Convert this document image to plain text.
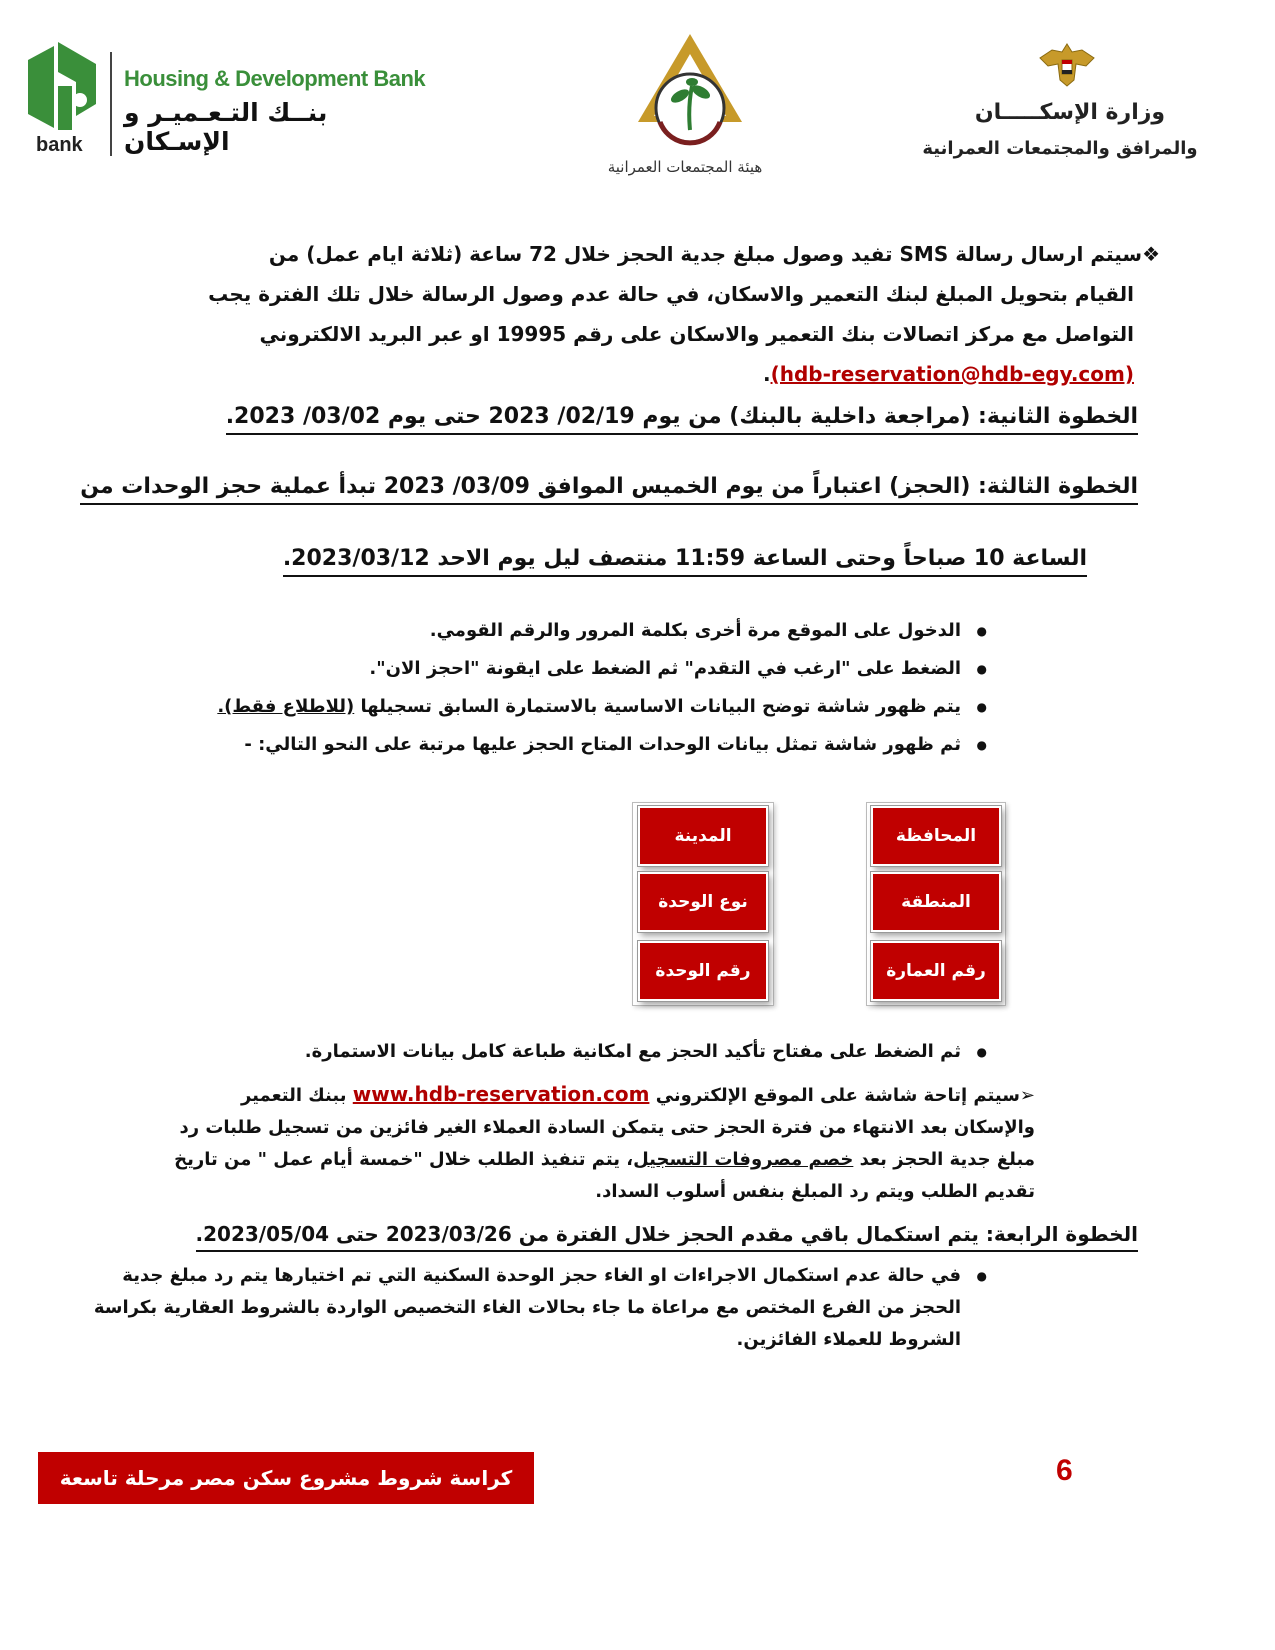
bank
Housing & Development Bank
بنــك التـعـميـر و الإسـكان
هيئة المجتمعات العمرانية
وزارة الإسكـــــان
والمرافق والمجتمعات العمرانية
❖سيتم ارسال رسالة SMS تفيد وصول مبلغ جدية الحجز خلال 72 ساعة (ثلاثة ايام عمل) من
القيام بتحويل المبلغ لبنك التعمير والاسكان، في حالة عدم وصول الرسالة خلال تلك الفترة يجب
التواصل مع مركز اتصالات بنك التعمير والاسكان على رقم 19995 او عبر البريد الالكتروني
(hdb-reservation@hdb-egy.com).
الخطوة الثانية: (مراجعة داخلية بالبنك) من يوم 02/19/ 2023 حتى يوم 03/02/ 2023.
الخطوة الثالثة: (الحجز) اعتباراً من يوم الخميس الموافق 03/09/ 2023 تبدأ عملية حجز الوحدات من
الساعة 10 صباحاً وحتى الساعة 11:59 منتصف ليل يوم الاحد 2023/03/12.
● الدخول على الموقع مرة أخرى بكلمة المرور والرقم القومي.
● الضغط على "ارغب في التقدم" ثم الضغط على ايقونة "احجز الان".
● يتم ظهور شاشة توضح البيانات الاساسية بالاستمارة السابق تسجيلها (للاطلاع فقط).
● ثم ظهور شاشة تمثل بيانات الوحدات المتاح الحجز عليها مرتبة على النحو التالي: -
المدينة	المحافظة
نوع الوحدة	المنطقة
رقم الوحدة	رقم العمارة
● ثم الضغط على مفتاح تأكيد الحجز مع امكانية طباعة كامل بيانات الاستمارة.
➢سيتم إتاحة شاشة على الموقع الإلكتروني www.hdb-reservation.com ببنك التعمير
والإسكان بعد الانتهاء من فترة الحجز حتى يتمكن السادة العملاء الغير فائزين من تسجيل طلبات رد
مبلغ جدية الحجز بعد خصم مصروفات التسجيل، يتم تنفيذ الطلب خلال "خمسة أيام عمل " من تاريخ
تقديم الطلب ويتم رد المبلغ بنفس أسلوب السداد.
الخطوة الرابعة: يتم استكمال باقي مقدم الحجز خلال الفترة من 2023/03/26 حتى 2023/05/04.
● في حالة عدم استكمال الاجراءات او الغاء حجز الوحدة السكنية التي تم اختيارها يتم رد مبلغ جدية الحجز من الفرع المختص مع مراعاة ما جاء بحالات الغاء التخصيص الواردة بالشروط العقارية بكراسة الشروط للعملاء الفائزين.
كراسة شروط مشروع سكن مصر مرحلة تاسعة	6
